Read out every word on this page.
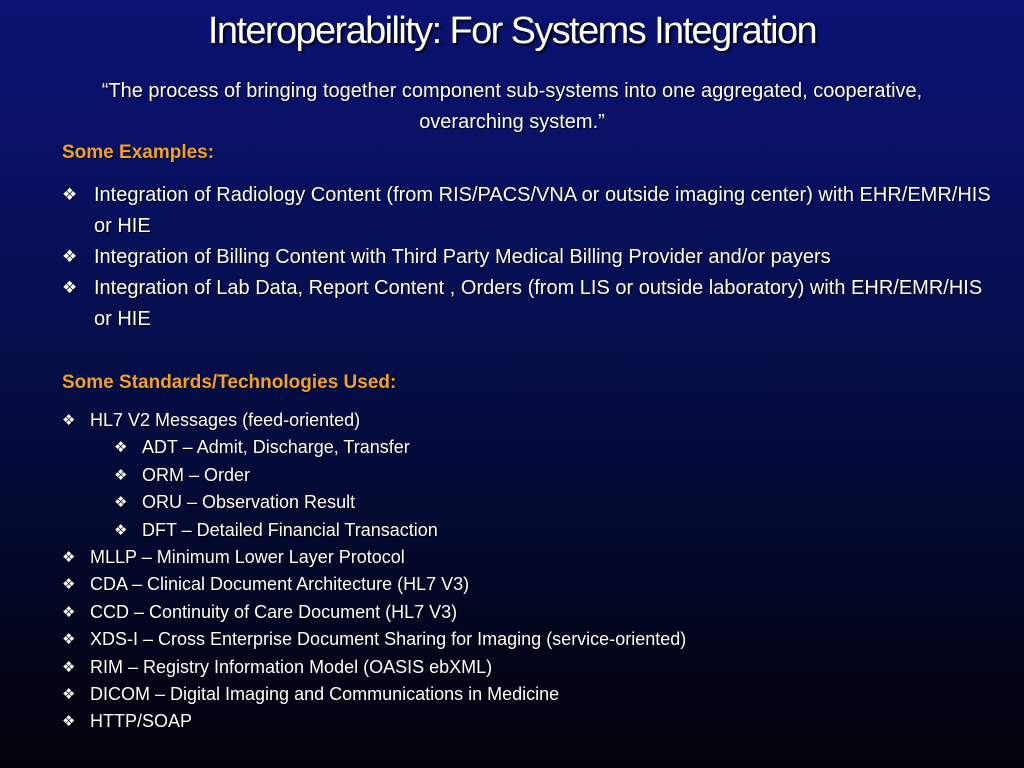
Interoperability: For Systems Integration
“The process of bringing together component sub-systems into one aggregated, cooperative, overarching system.”
Some Examples:
❖ Integration of Radiology Content (from RIS/PACS/VNA or outside imaging center) with EHR/EMR/HIS or HIE
❖ Integration of Billing Content with Third Party Medical Billing Provider and/or payers
❖ Integration of Lab Data, Report Content , Orders (from LIS or outside laboratory) with EHR/EMR/HIS or HIE
Some Standards/Technologies Used:
❖ HL7 V2 Messages (feed-oriented)
❖ ADT – Admit, Discharge, Transfer
❖ ORM – Order
❖ ORU – Observation Result
❖ DFT – Detailed Financial Transaction
❖ MLLP – Minimum Lower Layer Protocol
❖ CDA – Clinical Document Architecture (HL7 V3)
❖ CCD – Continuity of Care Document (HL7 V3)
❖ XDS-I – Cross Enterprise Document Sharing for Imaging (service-oriented)
❖ RIM – Registry Information Model (OASIS ebXML)
❖ DICOM – Digital Imaging and Communications in Medicine
❖ HTTP/SOAP
